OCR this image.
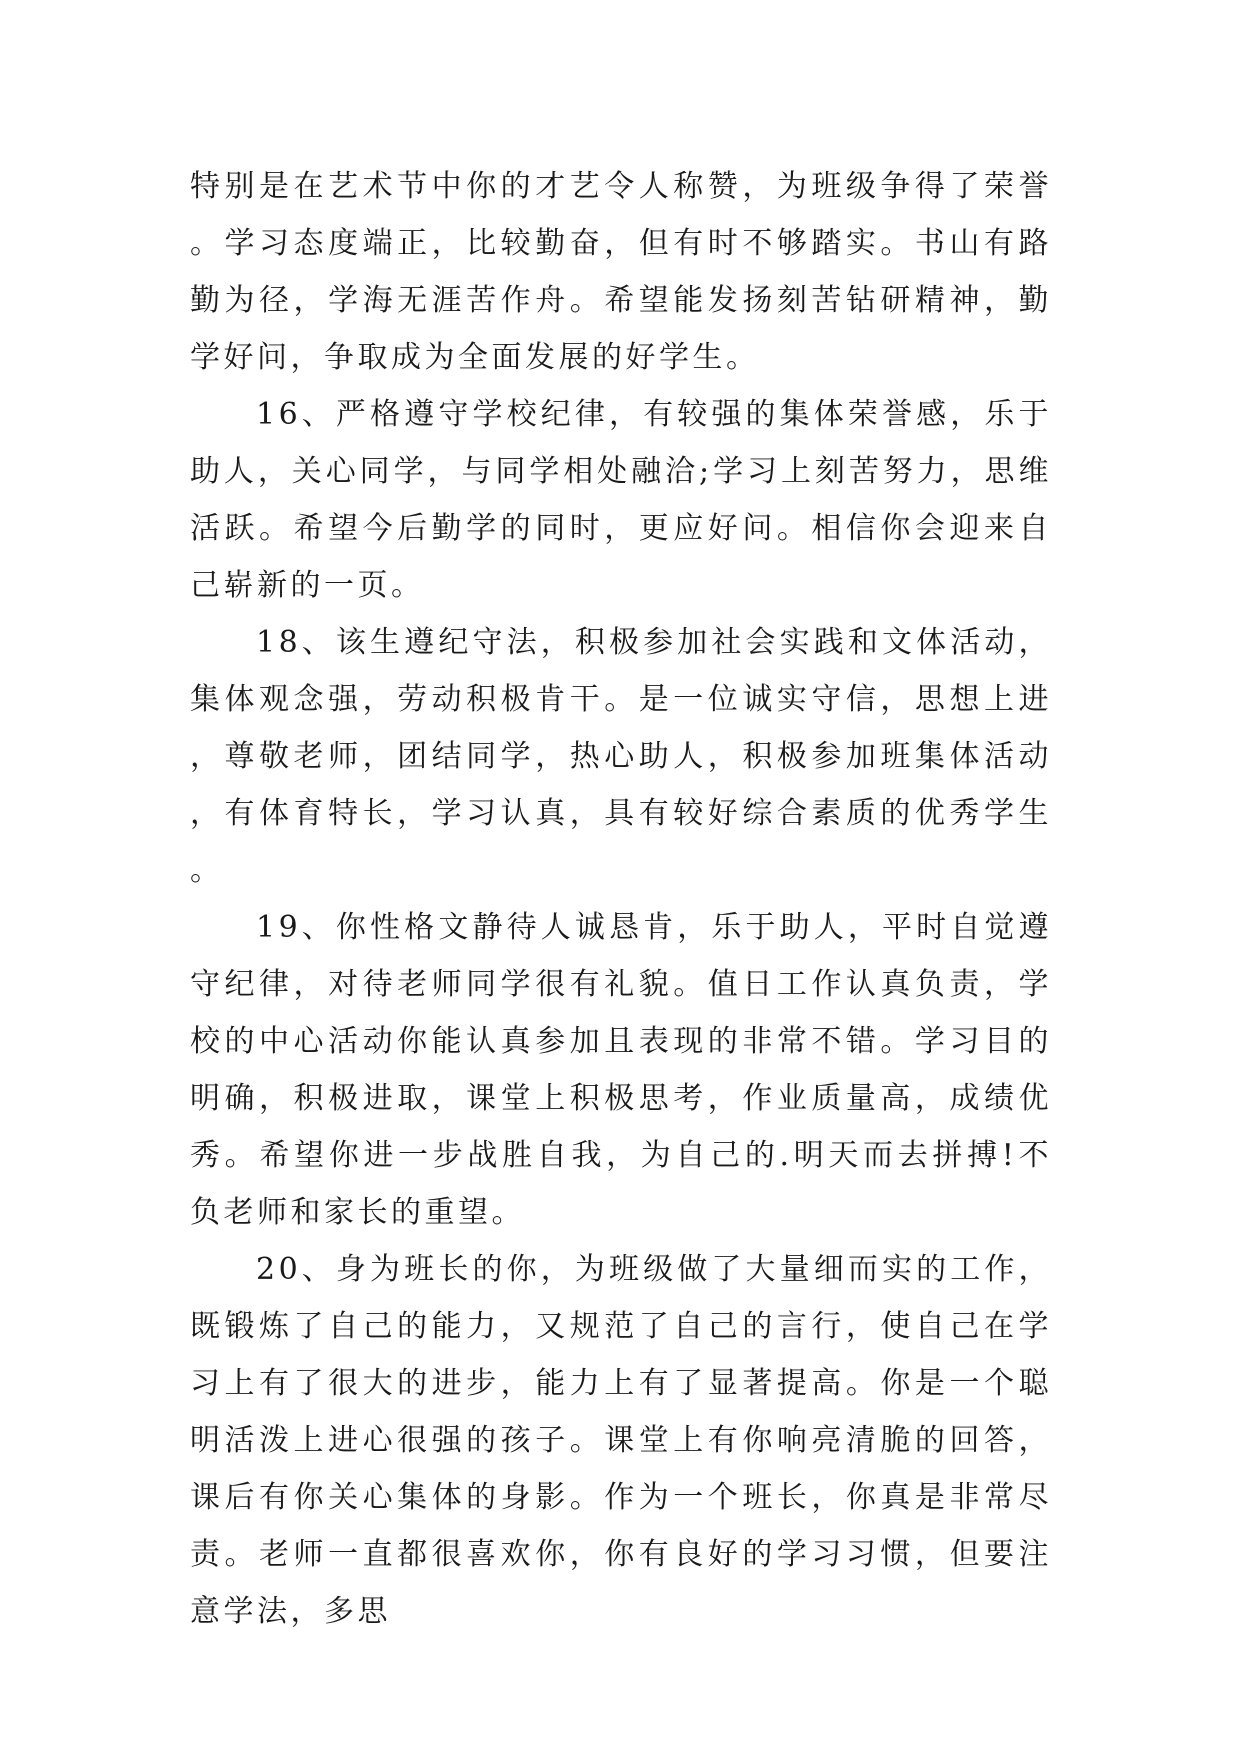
特别是在艺术节中你的才艺令人称赞，为班级争得了荣誉。学习态度端正，比较勤奋，但有时不够踏实。书山有路勤为径，学海无涯苦作舟。希望能发扬刻苦钻研精神，勤学好问，争取成为全面发展的好学生。

16、严格遵守学校纪律，有较强的集体荣誉感，乐于助人，关心同学，与同学相处融洽;学习上刻苦努力，思维活跃。希望今后勤学的同时，更应好问。相信你会迎来自己崭新的一页。

18、该生遵纪守法，积极参加社会实践和文体活动，集体观念强，劳动积极肯干。是一位诚实守信，思想上进，尊敬老师，团结同学，热心助人，积极参加班集体活动，有体育特长，学习认真，具有较好综合素质的优秀学生。

19、你性格文静待人诚恳肯，乐于助人，平时自觉遵守纪律，对待老师同学很有礼貌。值日工作认真负责，学校的中心活动你能认真参加且表现的非常不错。学习目的明确，积极进取，课堂上积极思考，作业质量高，成绩优秀。希望你进一步战胜自我，为自己的.明天而去拼搏!不负老师和家长的重望。

20、身为班长的你，为班级做了大量细而实的工作，既锻炼了自己的能力，又规范了自己的言行，使自己在学习上有了很大的进步，能力上有了显著提高。你是一个聪明活泼上进心很强的孩子。课堂上有你响亮清脆的回答，课后有你关心集体的身影。作为一个班长，你真是非常尽责。老师一直都很喜欢你，你有良好的学习习惯，但要注意学法，多思
